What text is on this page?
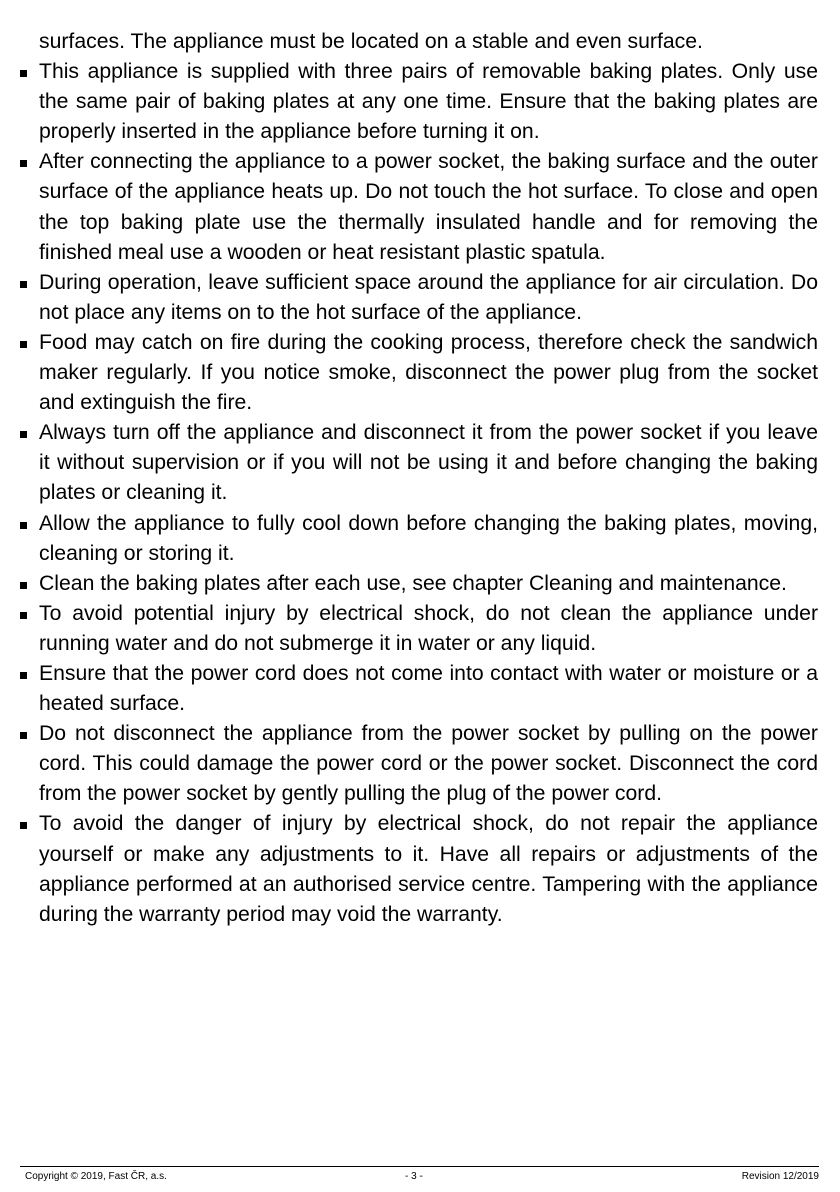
surfaces. The appliance must be located on a stable and even surface.

This appliance is supplied with three pairs of removable baking plates. Only use the same pair of baking plates at any one time. Ensure that the baking plates are properly inserted in the appliance before turning it on.
After connecting the appliance to a power socket, the baking surface and the outer surface of the appliance heats up. Do not touch the hot surface. To close and open the top baking plate use the thermally insulated handle and for removing the finished meal use a wooden or heat resistant plastic spatula.
During operation, leave sufficient space around the appliance for air circulation. Do not place any items on to the hot surface of the appliance.
Food may catch on fire during the cooking process, therefore check the sandwich maker regularly. If you notice smoke, disconnect the power plug from the socket and extinguish the fire.
Always turn off the appliance and disconnect it from the power socket if you leave it without supervision or if you will not be using it and before changing the baking plates or cleaning it.
Allow the appliance to fully cool down before changing the baking plates, moving, cleaning or storing it.
Clean the baking plates after each use, see chapter Cleaning and maintenance.
To avoid potential injury by electrical shock, do not clean the appliance under running water and do not submerge it in water or any liquid.
Ensure that the power cord does not come into contact with water or moisture or a heated surface.
Do not disconnect the appliance from the power socket by pulling on the power cord. This could damage the power cord or the power socket. Disconnect the cord from the power socket by gently pulling the plug of the power cord.
To avoid the danger of injury by electrical shock, do not repair the appliance yourself or make any adjustments to it. Have all repairs or adjustments of the appliance performed at an authorised service centre. Tampering with the appliance during the warranty period may void the warranty.
Copyright © 2019, Fast ČR, a.s.	- 3 -	Revision 12/2019
